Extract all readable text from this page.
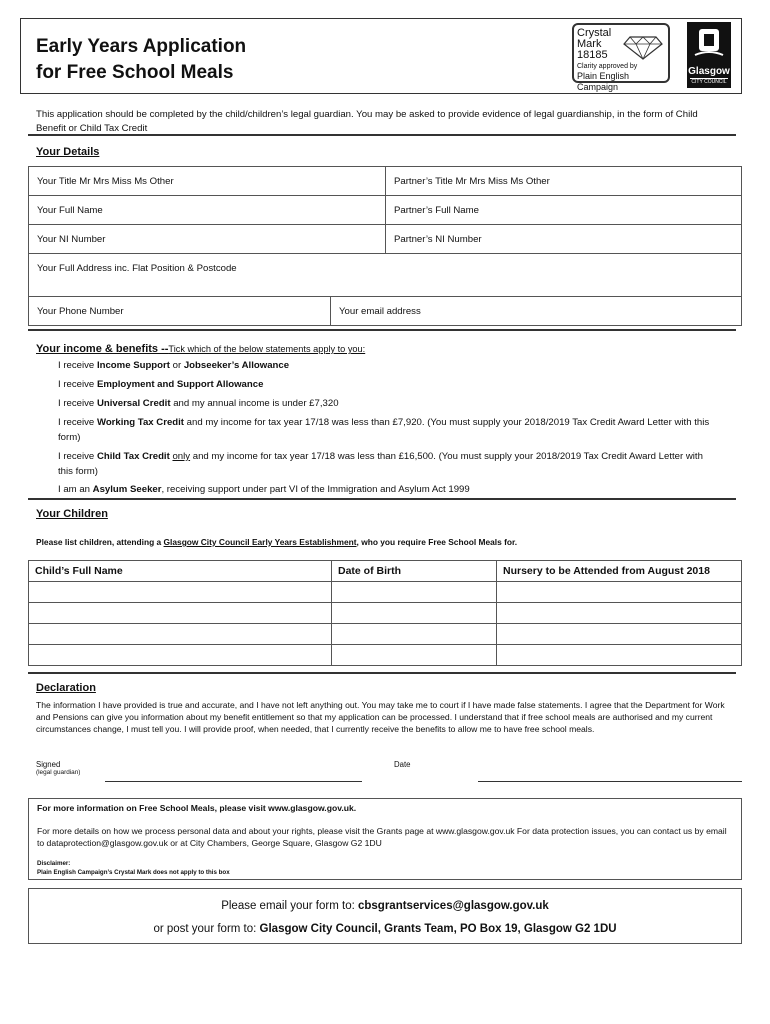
Early Years Application
for Free School Meals
Crystal
Mark
18185
Clarity approved by
Plain English Campaign
Glasgow
CITY COUNCIL
This application should be completed by the child/children’s legal guardian. You may be asked to provide evidence of legal guardianship, in the form of Child Benefit or Child Tax Credit
Your Details
Your Title Mr Mrs Miss Ms Other	Partner’s Title Mr Mrs Miss Ms Other
Your Full Name	Partner’s Full Name
Your NI Number	Partner’s NI Number
Your Full Address inc. Flat Position & Postcode
Your Phone Number	Your email address
Your income & benefits --Tick which of the below statements apply to you:
I receive Income Support or Jobseeker’s Allowance
I receive Employment and Support Allowance
I receive Universal Credit and my annual income is under £7,320
I receive Working Tax Credit and my income for tax year 17/18 was less than £7,920. (You must supply your 2018/2019 Tax Credit Award Letter with this form)
I receive Child Tax Credit only and my income for tax year 17/18 was less than £16,500. (You must supply your 2018/2019 Tax Credit Award Letter with this form)
I am an Asylum Seeker, receiving support under part VI of the Immigration and Asylum Act 1999
Your Children
Please list children, attending a Glasgow City Council Early Years Establishment, who you require Free School Meals for.
Child’s Full Name	Date of Birth	Nursery to be Attended from August 2018

Declaration
The information I have provided is true and accurate, and I have not left anything out. You may take me to court if I have made false statements. I agree that the Department for Work and Pensions can give you information about my benefit entitlement so that my application can be processed. I understand that if free school meals are authorised and my current circumstances change, I must tell you. I will provide proof, when needed, that I currently receive the benefits to allow me to have free school meals.
Signed
(legal guardian)
Date
For more information on Free School Meals, please visit www.glasgow.gov.uk.
For more details on how we process personal data and about your rights, please visit the Grants page at www.glasgow.gov.uk For data protection issues, you can contact us by email to dataprotection@glasgow.gov.uk or at City Chambers, George Square, Glasgow G2 1DU
Disclaimer:
Plain English Campaign’s Crystal Mark does not apply to this box
Please email your form to: cbsgrantservices@glasgow.gov.uk
or post your form to: Glasgow City Council, Grants Team, PO Box 19, Glasgow G2 1DU
